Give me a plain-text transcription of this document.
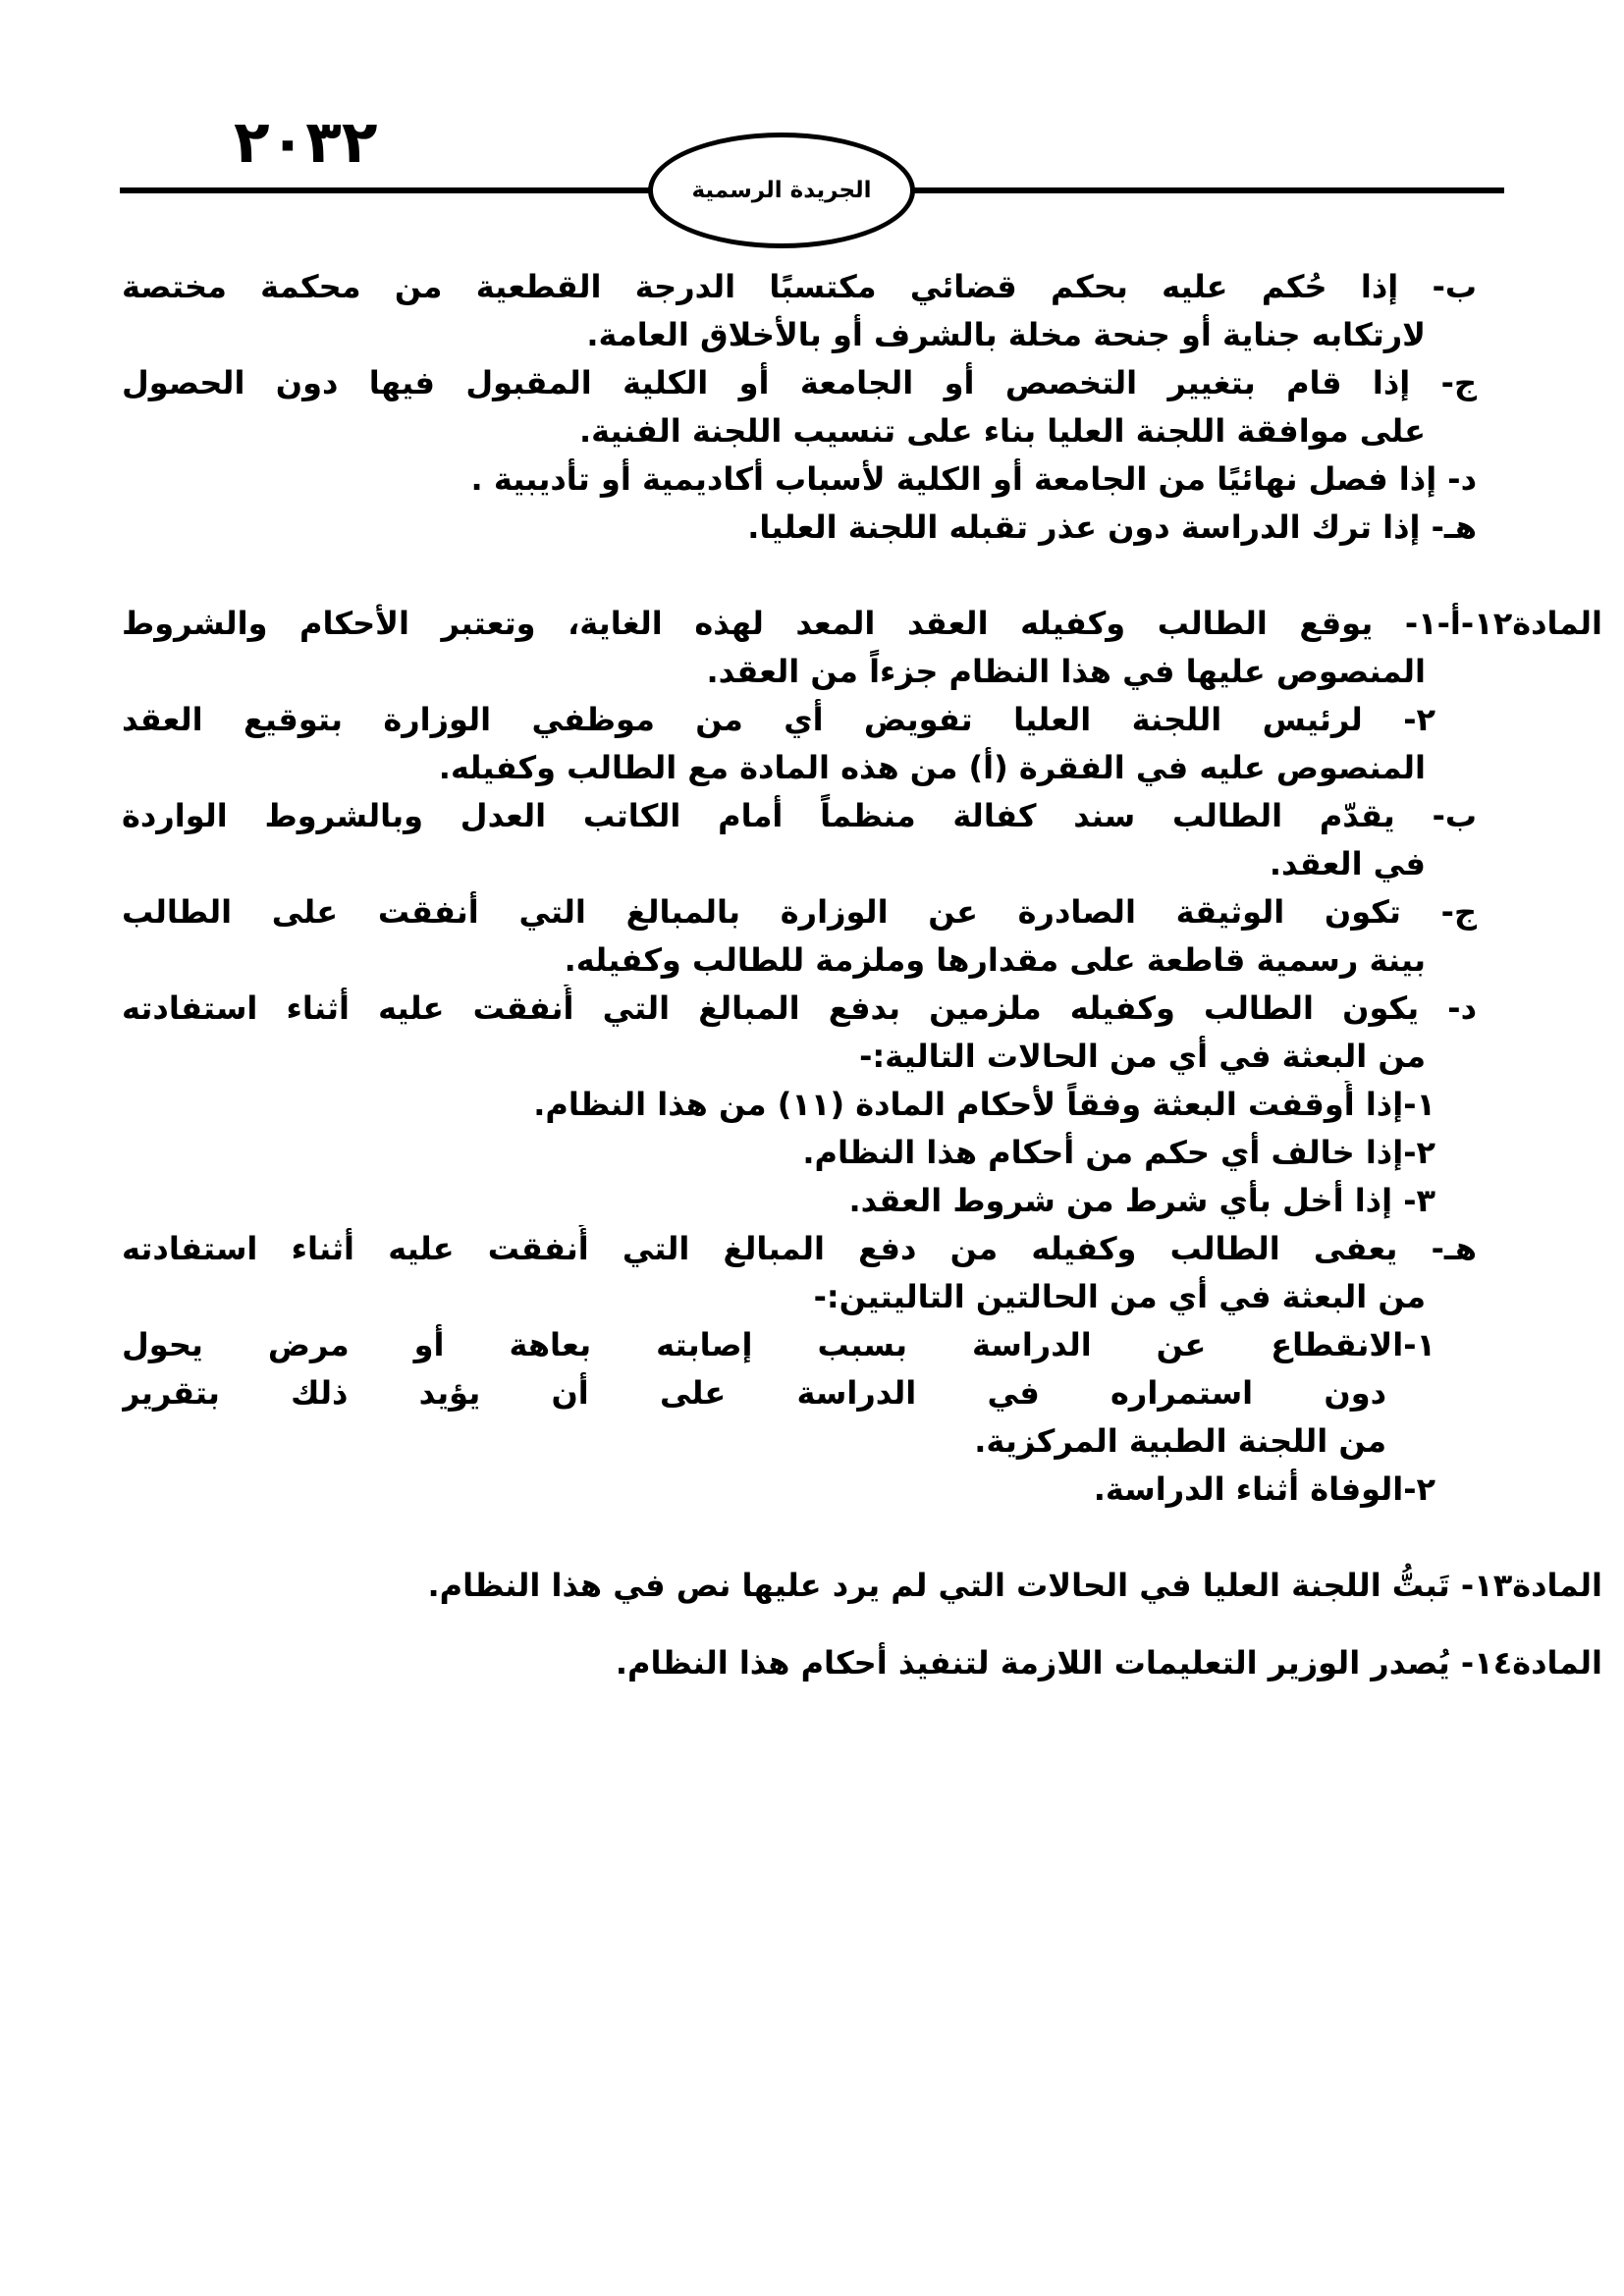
٢٠٣٢
الجريدة الرسمية
ب- إذا حُكم عليه بحكم قضائي مكتسبًا الدرجة القطعية من محكمة مختصة
لارتكابه جناية أو جنحة مخلة بالشرف أو بالأخلاق العامة.
ج- إذا قام بتغيير التخصص أو الجامعة أو الكلية المقبول فيها دون الحصول
على موافقة اللجنة العليا بناء على تنسيب اللجنة الفنية.
د- إذا فصل نهائيًا من الجامعة أو الكلية لأسباب أكاديمية أو تأديبية .
هـ- إذا ترك الدراسة دون عذر تقبله اللجنة العليا.
المادة١٢-أ-١- يوقع الطالب وكفيله العقد المعد لهذه الغاية، وتعتبر الأحكام والشروط
المنصوص عليها في هذا النظام جزءاً من العقد.
٢- لرئيس اللجنة العليا تفويض أي من موظفي الوزارة بتوقيع العقد
المنصوص عليه في الفقرة (أ) من هذه المادة مع الطالب وكفيله.
ب- يقدّم الطالب سند كفالة منظماً أمام الكاتب العدل وبالشروط الواردة
في العقد.
ج- تكون الوثيقة الصادرة عن الوزارة بالمبالغ التي أنفقت على الطالب
بينة رسمية قاطعة على مقدارها وملزمة للطالب وكفيله.
د- يكون الطالب وكفيله ملزمين بدفع المبالغ التي أُنفقت عليه أثناء استفادته
من البعثة في أي من الحالات التالية:-
١-إذا أُوقفت البعثة وفقاً لأحكام المادة (١١) من هذا النظام.
٢-إذا خالف أي حكم من أحكام هذا النظام.
٣- إذا أخل بأي شرط من شروط العقد.
هـ- يعفى الطالب وكفيله من دفع المبالغ التي أُنفقت عليه أثناء استفادته
من البعثة في أي من الحالتين التاليتين:-
١-الانقطاع عن الدراسة بسبب إصابته بعاهة أو مرض يحول
دون استمراره في الدراسة على أن يؤيد ذلك بتقرير
من اللجنة الطبية المركزية.
٢-الوفاة أثناء الدراسة.
المادة١٣- تَبتُّ اللجنة العليا في الحالات التي لم يرد عليها نص في هذا النظام.
المادة١٤- يُصدر الوزير التعليمات اللازمة لتنفيذ أحكام هذا النظام.
